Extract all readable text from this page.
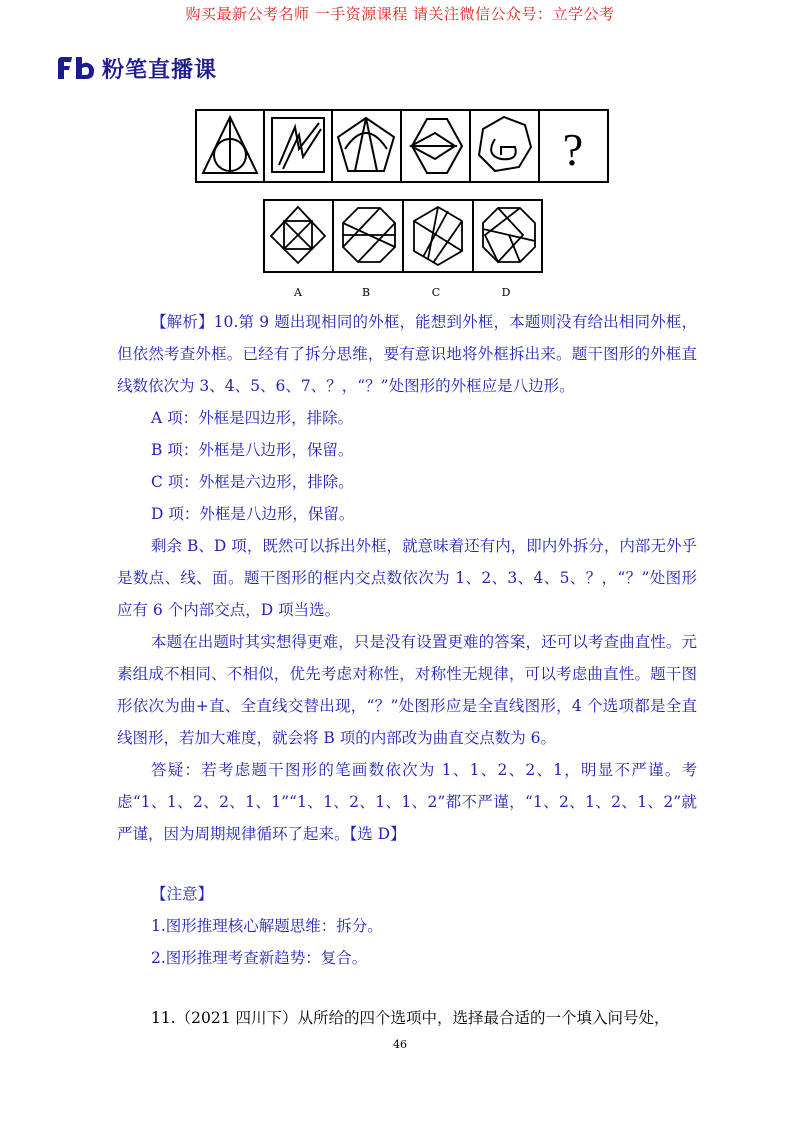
购买最新公考名师 一手资源课程 请关注微信公众号：立学公考
粉笔直播课
?
A	B	C	D

【解析】10.第 9 题出现相同的外框，能想到外框，本题则没有给出相同外框，但依然考查外框。已经有了拆分思维，要有意识地将外框拆出来。题干图形的外框直线数依次为 3、4、5、6、7、？，“？”处图形的外框应是八边形。

A 项：外框是四边形，排除。

B 项：外框是八边形，保留。

C 项：外框是六边形，排除。

D 项：外框是八边形，保留。

剩余 B、D 项，既然可以拆出外框，就意味着还有内，即内外拆分，内部无外乎是数点、线、面。题干图形的框内交点数依次为 1、2、3、4、5、？，“？”处图形应有 6 个内部交点，D 项当选。

本题在出题时其实想得更难，只是没有设置更难的答案，还可以考查曲直性。元素组成不相同、不相似，优先考虑对称性，对称性无规律，可以考虑曲直性。题干图形依次为曲+直、全直线交替出现，“？”处图形应是全直线图形，4 个选项都是全直线图形，若加大难度，就会将 B 项的内部改为曲直交点数为 6。

答疑：若考虑题干图形的笔画数依次为 1、1、2、2、1，明显不严谨。考虑“1、1、2、2、1、1”“1、1、2、1、1、2”都不严谨，“1、2、1、2、1、2”就严谨，因为周期规律循环了起来。【选 D】

【注意】

1.图形推理核心解题思维：拆分。

2.图形推理考查新趋势：复合。

11.（2021 四川下）从所给的四个选项中，选择最合适的一个填入问号处，

46
